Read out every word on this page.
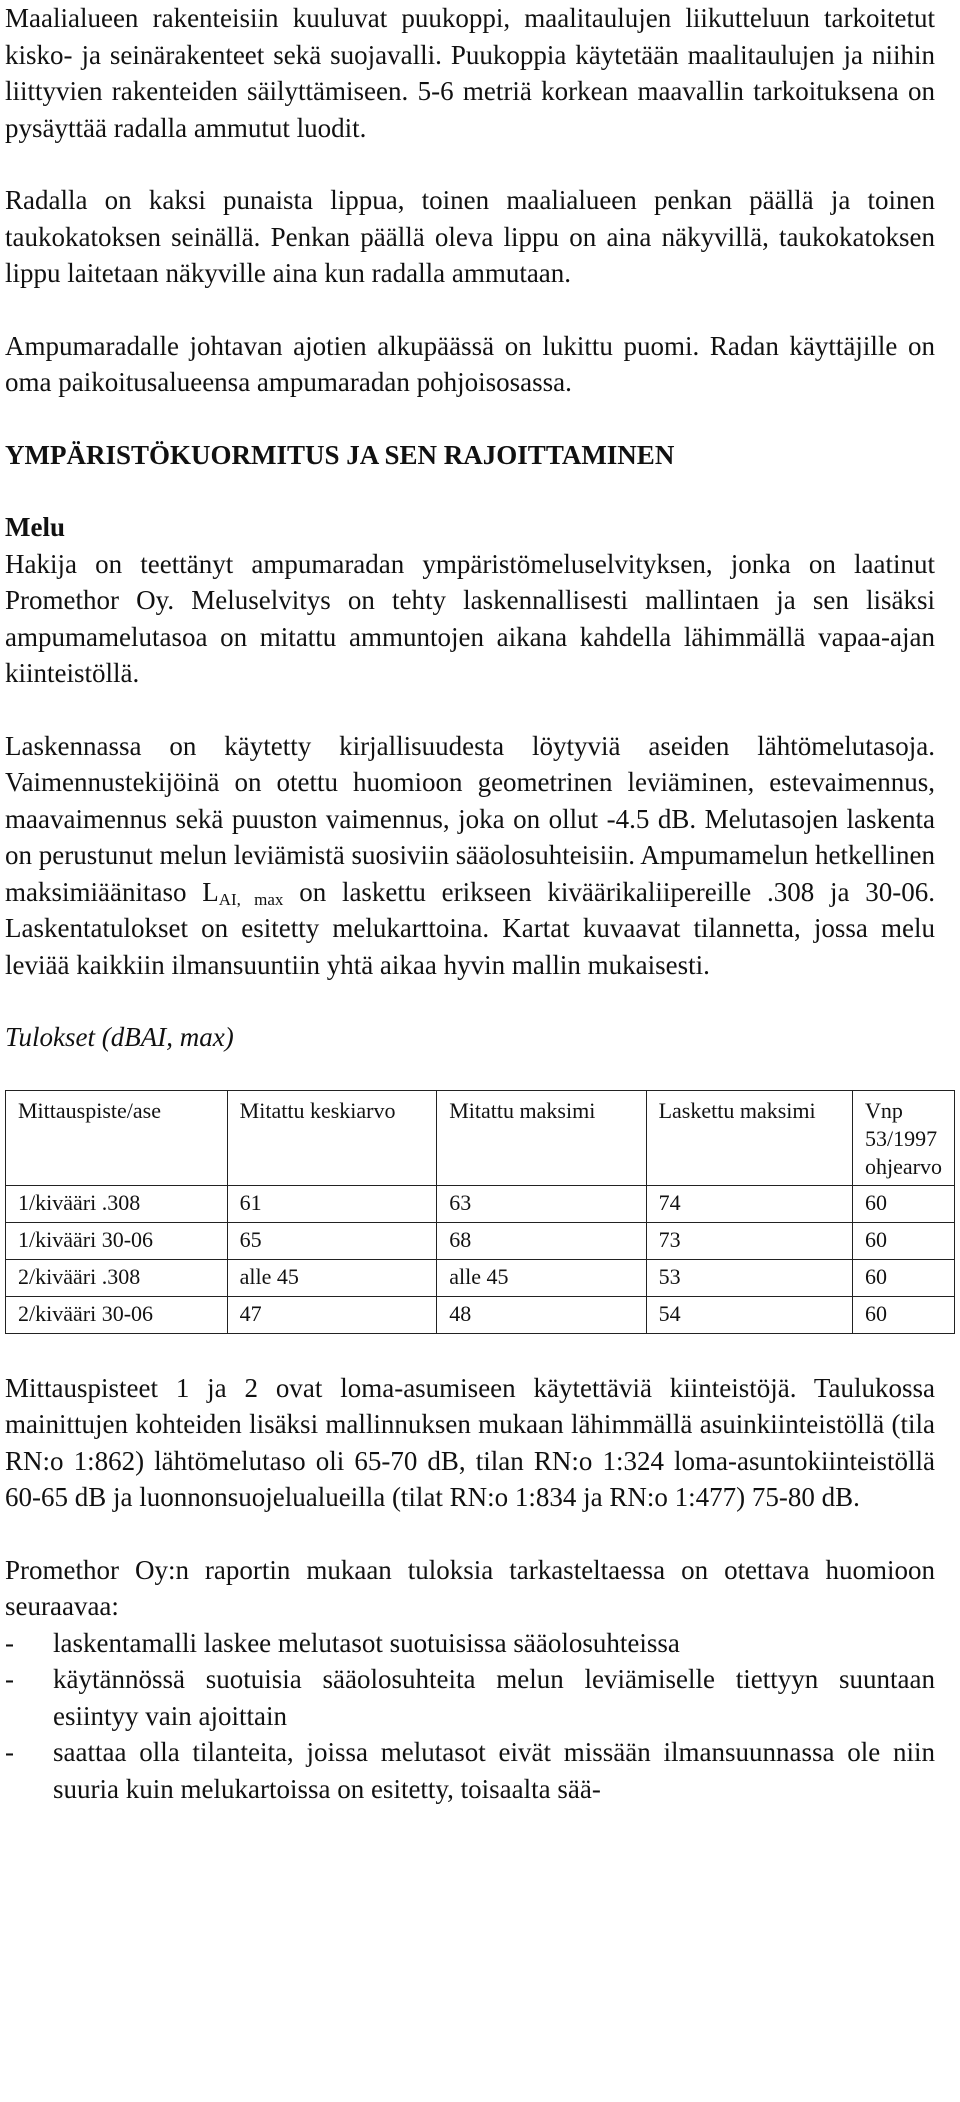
Maalialueen rakenteisiin kuuluvat puukoppi, maalitaulujen liikutteluun tarkoitetut kisko- ja seinärakenteet sekä suojavalli. Puukoppia käytetään maalitaulujen ja niihin liittyvien rakenteiden säilyttämiseen. 5-6 metriä korkean maavallin tarkoituksena on pysäyttää radalla ammutut luodit.

Radalla on kaksi punaista lippua, toinen maalialueen penkan päällä ja toinen taukokatoksen seinällä. Penkan päällä oleva lippu on aina näkyvillä, taukokatoksen lippu laitetaan näkyville aina kun radalla ammutaan.

Ampumaradalle johtavan ajotien alkupäässä on lukittu puomi. Radan käyttäjille on oma paikoitusalueensa ampumaradan pohjoisosassa.

YMPÄRISTÖKUORMITUS JA SEN RAJOITTAMINEN

Melu

Hakija on teettänyt ampumaradan ympäristömeluselvityksen, jonka on laatinut Promethor Oy. Meluselvitys on tehty laskennallisesti mallintaen ja sen lisäksi ampumamelutasoa on mitattu ammuntojen aikana kahdella lähimmällä vapaa-ajan kiinteistöllä.

Laskennassa on käytetty kirjallisuudesta löytyviä aseiden lähtömelutasoja. Vaimennustekijöinä on otettu huomioon geometrinen leviäminen, estevaimennus, maavaimennus sekä puuston vaimennus, joka on ollut -4.5 dB. Melutasojen laskenta on perustunut melun leviämistä suosiviin sääolosuhteisiin. Ampumamelun hetkellinen maksimiäänitaso $L_{AI, max}$ on laskettu erikseen kiväärikaliipereille .308 ja 30-06. Laskentatulokset on esitetty melukarttoina. Kartat kuvaavat tilannetta, jossa melu leviää kaikkiin ilmansuuntiin yhtä aikaa hyvin mallin mukaisesti.

Tulokset (dBAI, max)

Mittauspiste/ase	Mitattu keskiarvo	Mitattu maksimi	Laskettu maksimi	Vnp 53/1997 ohjearvo
1/kivääri .308	61	63	74	60
1/kivääri 30-06	65	68	73	60
2/kivääri .308	alle 45	alle 45	53	60
2/kivääri 30-06	47	48	54	60

Mittauspisteet 1 ja 2 ovat loma-asumiseen käytettäviä kiinteistöjä. Taulukossa mainittujen kohteiden lisäksi mallinnuksen mukaan lähimmällä asuinkiinteistöllä (tila RN:o 1:862) lähtömelutaso oli 65-70 dB, tilan RN:o 1:324 loma-asuntokiinteistöllä 60-65 dB ja luonnonsuojelualueilla (tilat RN:o 1:834 ja RN:o 1:477) 75-80 dB.

Promethor Oy:n raportin mukaan tuloksia tarkasteltaessa on otettava huomioon seuraavaa:

- laskentamalli laskee melutasot suotuisissa sääolosuhteissa
- käytännössä suotuisia sääolosuhteita melun leviämiselle tiettyyn suuntaan esiintyy vain ajoittain
- saattaa olla tilanteita, joissa melutasot eivät missään ilmansuunnassa ole niin suuria kuin melukartoissa on esitetty, toisaalta sää-
